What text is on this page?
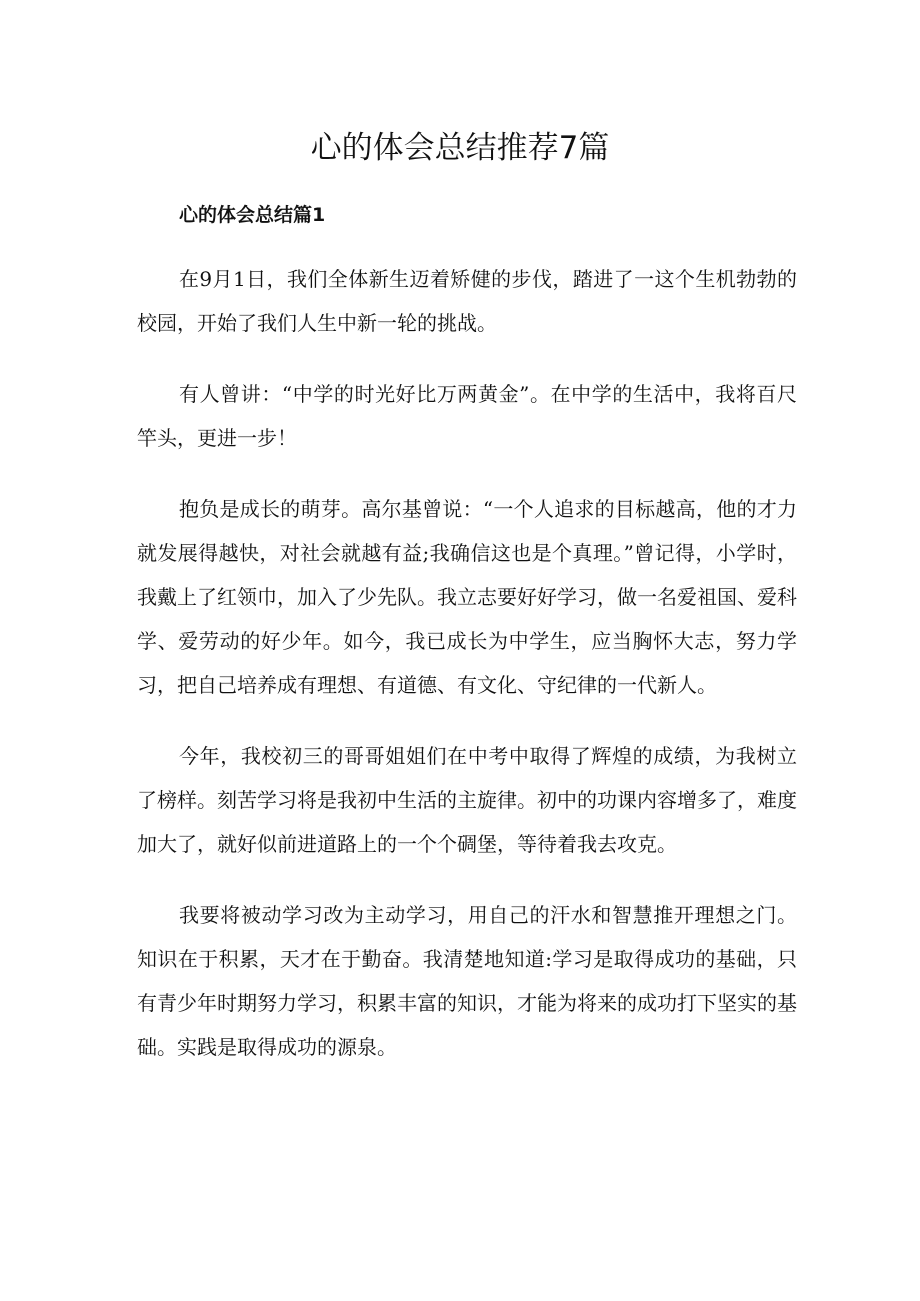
心的体会总结推荐7篇
心的体会总结篇1

在9月1日，我们全体新生迈着矫健的步伐，踏进了一这个生机勃勃的校园，开始了我们人生中新一轮的挑战。

有人曾讲：“中学的时光好比万两黄金”。在中学的生活中，我将百尺竿头，更进一步！

抱负是成长的萌芽。高尔基曾说：“一个人追求的目标越高，他的才力就发展得越快，对社会就越有益;我确信这也是个真理。”曾记得，小学时，我戴上了红领巾，加入了少先队。我立志要好好学习，做一名爱祖国、爱科学、爱劳动的好少年。如今，我已成长为中学生，应当胸怀大志，努力学习，把自己培养成有理想、有道德、有文化、守纪律的一代新人。

今年，我校初三的哥哥姐姐们在中考中取得了辉煌的成绩，为我树立了榜样。刻苦学习将是我初中生活的主旋律。初中的功课内容增多了，难度加大了，就好似前进道路上的一个个碉堡，等待着我去攻克。

我要将被动学习改为主动学习，用自己的汗水和智慧推开理想之门。知识在于积累，天才在于勤奋。我清楚地知道:学习是取得成功的基础，只有青少年时期努力学习，积累丰富的知识，才能为将来的成功打下坚实的基础。实践是取得成功的源泉。
